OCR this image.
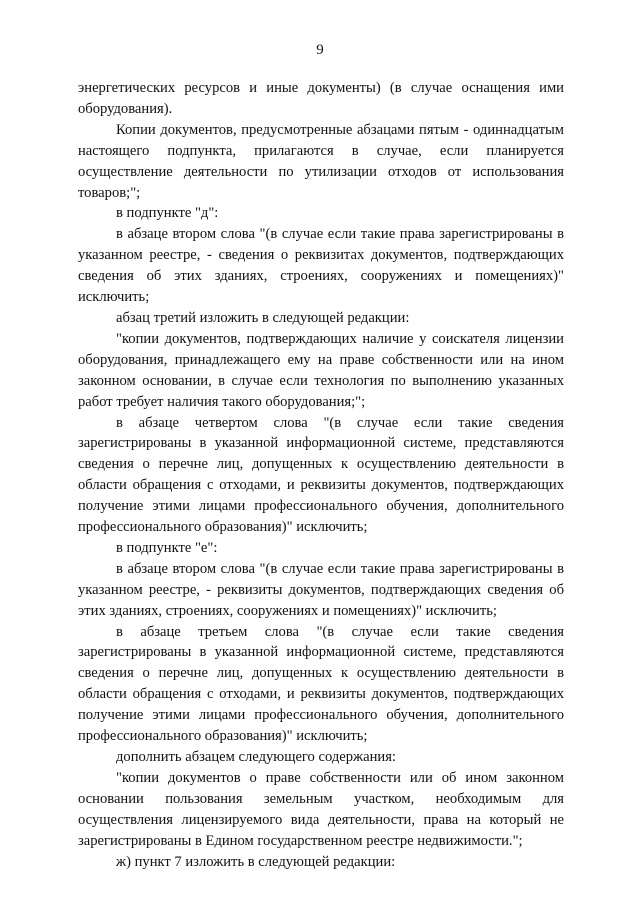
9

энергетических ресурсов и иные документы) (в случае оснащения ими оборудования).

Копии документов, предусмотренные абзацами пятым - одиннадцатым настоящего подпункта, прилагаются в случае, если планируется осуществление деятельности по утилизации отходов от использования товаров;";

в подпункте "д":

в абзаце втором слова "(в случае если такие права зарегистрированы в указанном реестре, - сведения о реквизитах документов, подтверждающих сведения об этих зданиях, строениях, сооружениях и помещениях)" исключить;

абзац третий изложить в следующей редакции:

"копии документов, подтверждающих наличие у соискателя лицензии оборудования, принадлежащего ему на праве собственности или на ином законном основании, в случае если технология по выполнению указанных работ требует наличия такого оборудования;";

в абзаце четвертом слова "(в случае если такие сведения зарегистрированы в указанной информационной системе, представляются сведения о перечне лиц, допущенных к осуществлению деятельности в области обращения с отходами, и реквизиты документов, подтверждающих получение этими лицами профессионального обучения, дополнительного профессионального образования)" исключить;

в подпункте "е":

в абзаце втором слова "(в случае если такие права зарегистрированы в указанном реестре, - реквизиты документов, подтверждающих сведения об этих зданиях, строениях, сооружениях и помещениях)" исключить;

в абзаце третьем слова "(в случае если такие сведения зарегистрированы в указанной информационной системе, представляются сведения о перечне лиц, допущенных к осуществлению деятельности в области обращения с отходами, и реквизиты документов, подтверждающих получение этими лицами профессионального обучения, дополнительного профессионального образования)" исключить;

дополнить абзацем следующего содержания:

"копии документов о праве собственности или об ином законном основании пользования земельным участком, необходимым для осуществления лицензируемого вида деятельности, права на который не зарегистрированы в Едином государственном реестре недвижимости.";

ж) пункт 7 изложить в следующей редакции:
